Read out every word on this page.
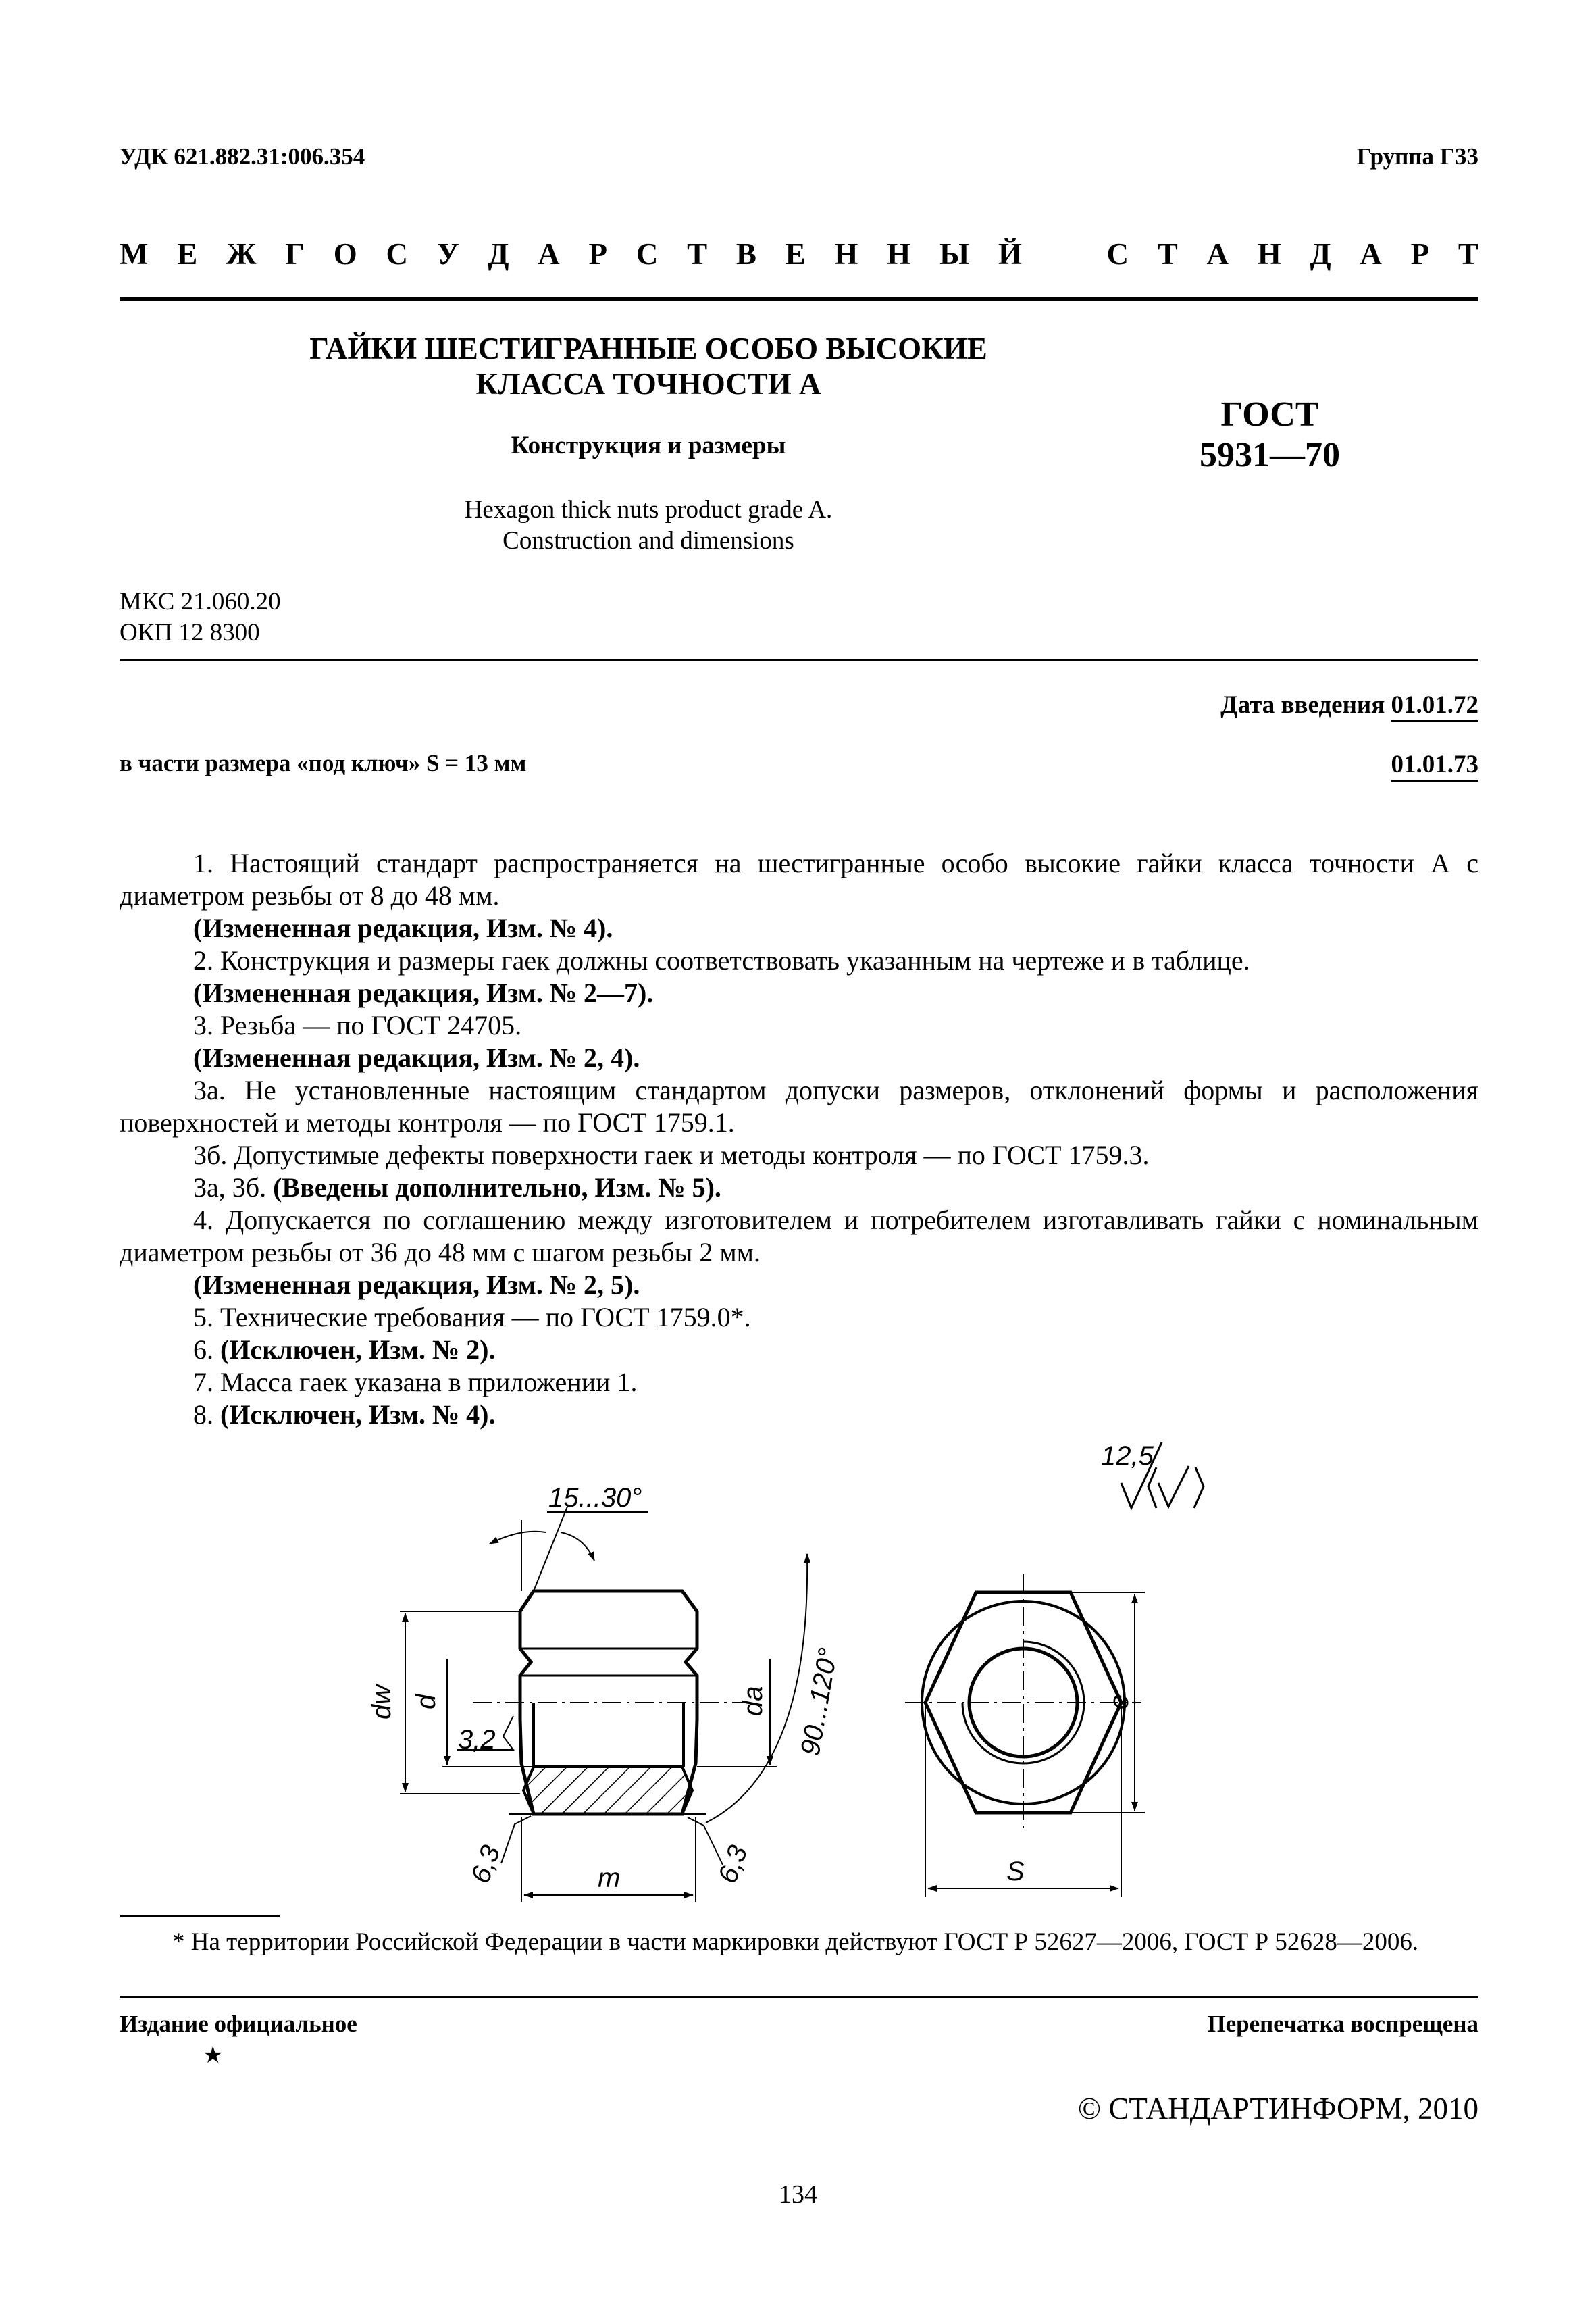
УДК 621.882.31:006.354	Группа Г33
М Е Ж Г О С У Д А Р С Т В Е Н Н Ы Й	С Т А Н Д А Р Т
ГАЙКИ ШЕСТИГРАННЫЕ ОСОБО ВЫСОКИЕ
КЛАССА ТОЧНОСТИ А
Конструкция и размеры
ГОСТ
5931—70
Hexagon thick nuts product grade A.
Construction and dimensions
МКС 21.060.20
ОКП 12 8300
Дата введения 01.01.72
в части размера «под ключ» S = 13 мм	01.01.73

1. Настоящий стандарт распространяется на шестигранные особо высокие гайки класса точности А с диаметром резьбы от 8 до 48 мм.

(Измененная редакция, Изм. № 4).

2. Конструкция и размеры гаек должны соответствовать указанным на чертеже и в таблице.

(Измененная редакция, Изм. № 2—7).

3. Резьба — по ГОСТ 24705.

(Измененная редакция, Изм. № 2, 4).

3а. Не установленные настоящим стандартом допуски размеров, отклонений формы и расположения поверхностей и методы контроля — по ГОСТ 1759.1.

3б. Допустимые дефекты поверхности гаек и методы контроля — по ГОСТ 1759.3.

3а, 3б. (Введены дополнительно, Изм. № 5).

4. Допускается по соглашению между изготовителем и потребителем изготавливать гайки с номинальным диаметром резьбы от 36 до 48 мм с шагом резьбы 2 мм.

(Измененная редакция, Изм. № 2, 5).

5. Технические требования — по ГОСТ 1759.0*.

6. (Исключен, Изм. № 2).

7. Масса гаек указана в приложении 1.

8. (Исключен, Изм. № 4).

15...30°
12,5
dw d
3,2
da 90...120°
6,3	6,3
m
e
S

* На территории Российской Федерации в части маркировки действуют ГОСТ Р 52627—2006, ГОСТ Р 52628—2006.

Издание официальное
★
Перепечатка воспрещена
© СТАНДАРТИНФОРМ, 2010
134
